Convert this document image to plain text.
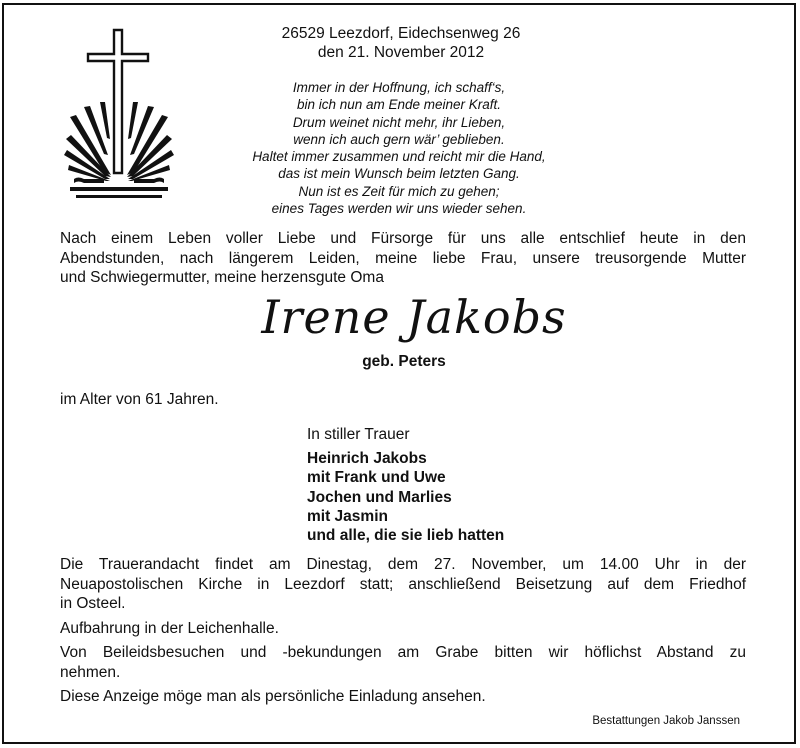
26529 Leezdorf, Eidechsenweg 26
den 21. November 2012
Immer in der Hoffnung, ich schaff‘s,
bin ich nun am Ende meiner Kraft.
Drum weinet nicht mehr, ihr Lieben,
wenn ich auch gern wär’ geblieben.
Haltet immer zusammen und reicht mir die Hand,
das ist mein Wunsch beim letzten Gang.
Nun ist es Zeit für mich zu gehen;
eines Tages werden wir uns wieder sehen.
Nach einem Leben voller Liebe und Fürsorge für uns alle entschlief heute in den
Abendstunden, nach längerem Leiden, meine liebe Frau, unsere treusorgende Mutter
und Schwiegermutter, meine herzensgute Oma
Irene Jakobs
geb. Peters
im Alter von 61 Jahren.
In stiller Trauer
Heinrich Jakobs
mit Frank und Uwe
Jochen und Marlies
mit Jasmin
und alle, die sie lieb hatten
Die Trauerandacht findet am Dinestag, dem 27. November, um 14.00 Uhr in der
Neuapostolischen Kirche in Leezdorf statt; anschließend Beisetzung auf dem Friedhof
in Osteel.
Aufbahrung in der Leichenhalle.
Von Beileidsbesuchen und -bekundungen am Grabe bitten wir höflichst Abstand zu
nehmen.
Diese Anzeige möge man als persönliche Einladung ansehen.
Bestattungen Jakob Janssen
